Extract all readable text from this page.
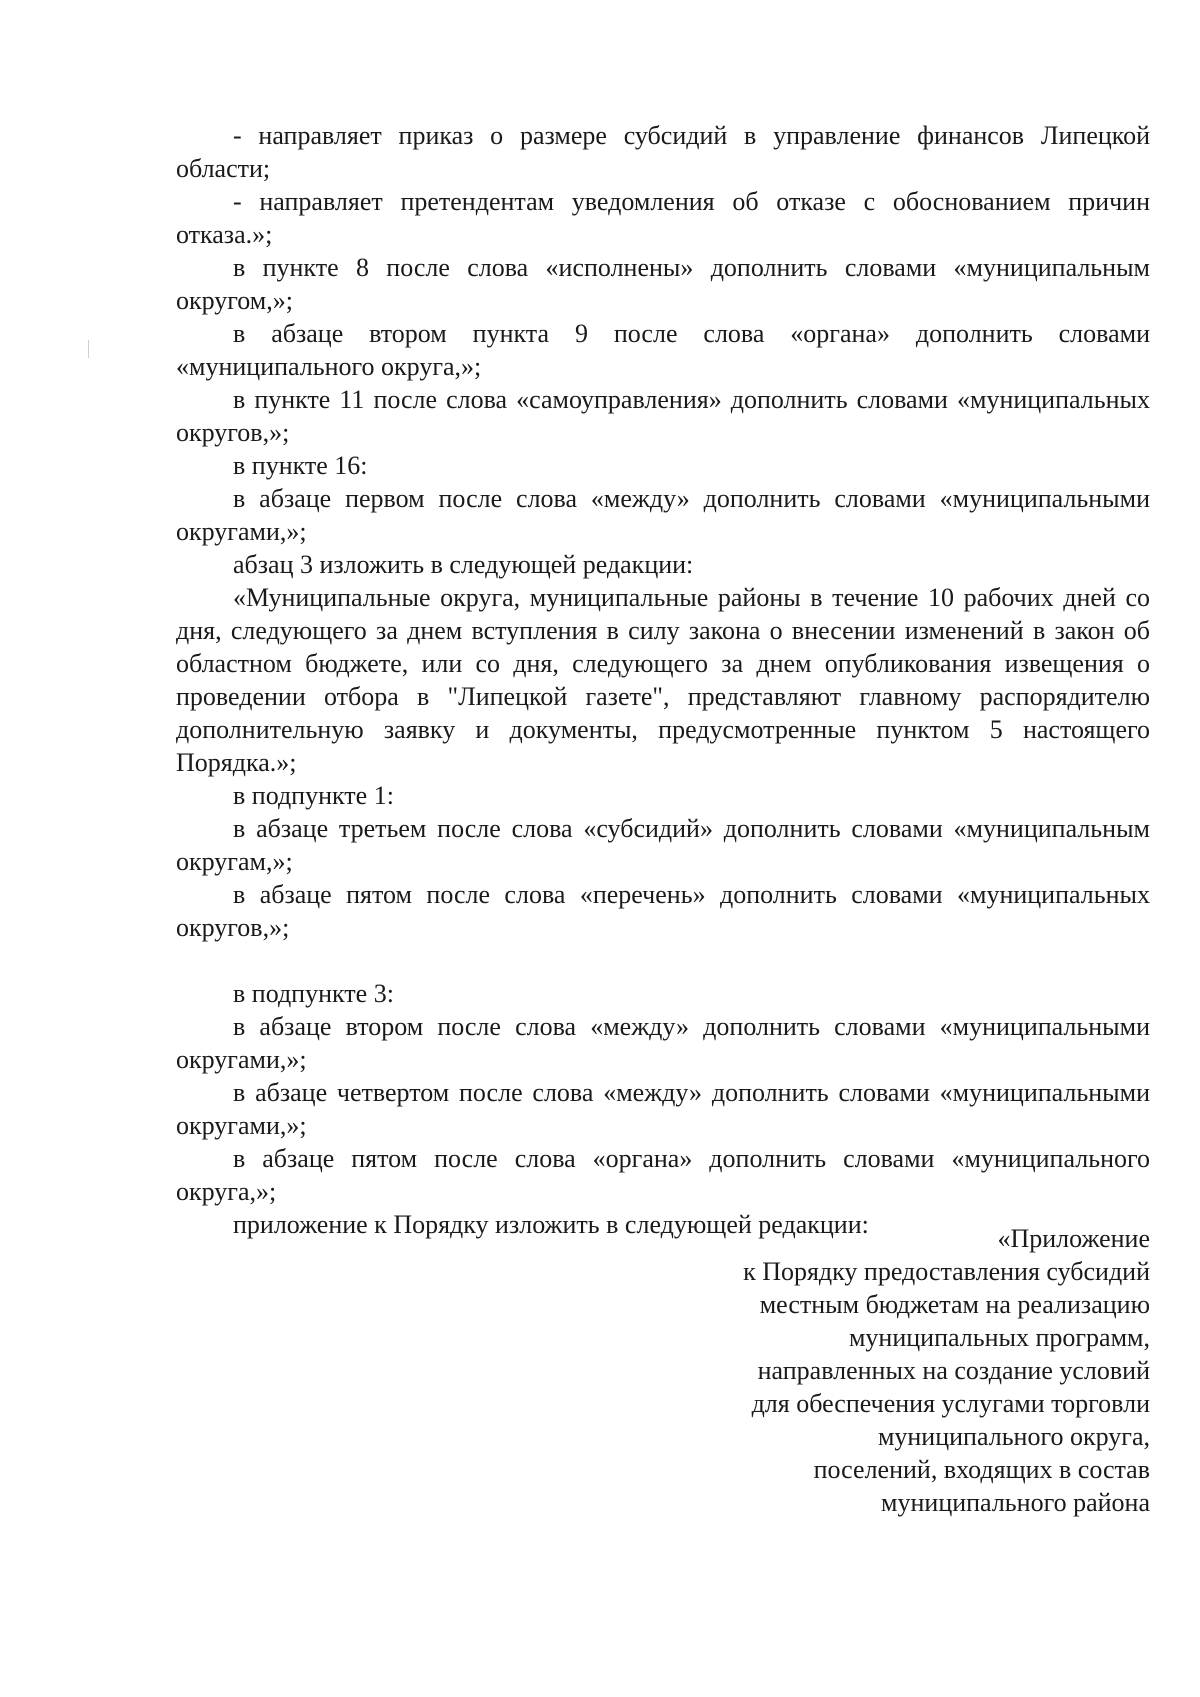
- направляет приказ о размере субсидий в управление финансов Липецкой области;

- направляет претендентам уведомления об отказе с обоснованием причин отказа.»;

в пункте 8 после слова «исполнены» дополнить словами «муниципальным округом,»;

в абзаце втором пункта 9 после слова «органа» дополнить словами «муниципального округа,»;

в пункте 11 после слова «самоуправления» дополнить словами «муниципальных округов,»;

в пункте 16:

в абзаце первом после слова «между» дополнить словами «муниципальными округами,»;

абзац 3 изложить в следующей редакции:

«Муниципальные округа, муниципальные районы в течение 10 рабочих дней со дня, следующего за днем вступления в силу закона о внесении изменений в закон об областном бюджете, или со дня, следующего за днем опубликования извещения о проведении отбора в "Липецкой газете", представляют главному распорядителю дополнительную заявку и документы, предусмотренные пунктом 5 настоящего Порядка.»;

в подпункте 1:

в абзаце третьем после слова «субсидий» дополнить словами «муниципальным округам,»;

в абзаце пятом после слова «перечень» дополнить словами «муниципальных округов,»;

в подпункте 3:

в абзаце втором после слова «между» дополнить словами «муниципальными округами,»;

в абзаце четвертом после слова «между» дополнить словами «муниципальными округами,»;

в абзаце пятом после слова «органа» дополнить словами «муниципального округа,»;

приложение к Порядку изложить в следующей редакции:	«Приложение
к Порядку предоставления субсидий
местным бюджетам на реализацию
муниципальных программ,
направленных на создание условий
для обеспечения услугами торговли
муниципального округа,
поселений, входящих в состав
муниципального района
